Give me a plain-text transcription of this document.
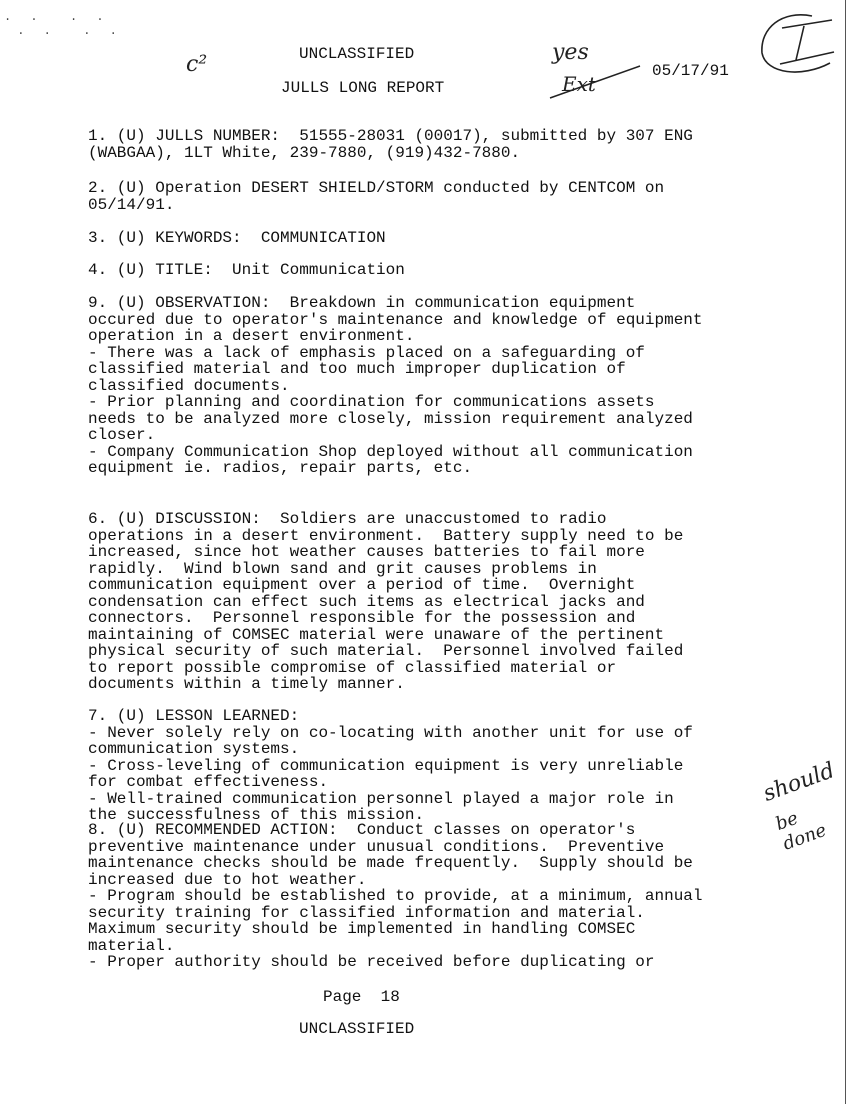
. .  . .
. .  . .
UNCLASSIFIED
JULLS LONG REPORT
05/17/91
c²	yes
Ext
should
be done
1. (U) JULLS NUMBER:  51555-28031 (00017), submitted by 307 ENG
(WABGAA), 1LT White, 239-7880, (919)432-7880.
2. (U) Operation DESERT SHIELD/STORM conducted by CENTCOM on
05/14/91.
3. (U) KEYWORDS:  COMMUNICATION
4. (U) TITLE:  Unit Communication
9. (U) OBSERVATION:  Breakdown in communication equipment
occured due to operator's maintenance and knowledge of equipment
operation in a desert environment.
- There was a lack of emphasis placed on a safeguarding of
classified material and too much improper duplication of
classified documents.
- Prior planning and coordination for communications assets
needs to be analyzed more closely, mission requirement analyzed
closer.
- Company Communication Shop deployed without all communication
equipment ie. radios, repair parts, etc.
6. (U) DISCUSSION:  Soldiers are unaccustomed to radio
operations in a desert environment.  Battery supply need to be
increased, since hot weather causes batteries to fail more
rapidly.  Wind blown sand and grit causes problems in
communication equipment over a period of time.  Overnight
condensation can effect such items as electrical jacks and
connectors.  Personnel responsible for the possession and
maintaining of COMSEC material were unaware of the pertinent
physical security of such material.  Personnel involved failed
to report possible compromise of classified material or
documents within a timely manner.
7. (U) LESSON LEARNED:
- Never solely rely on co-locating with another unit for use of
communication systems.
- Cross-leveling of communication equipment is very unreliable
for combat effectiveness.
- Well-trained communication personnel played a major role in
the successfulness of this mission.
8. (U) RECOMMENDED ACTION:  Conduct classes on operator's
preventive maintenance under unusual conditions.  Preventive
maintenance checks should be made frequently.  Supply should be
increased due to hot weather.
- Program should be established to provide, at a minimum, annual
security training for classified information and material.
Maximum security should be implemented in handling COMSEC
material.
- Proper authority should be received before duplicating or
Page  18
UNCLASSIFIED
